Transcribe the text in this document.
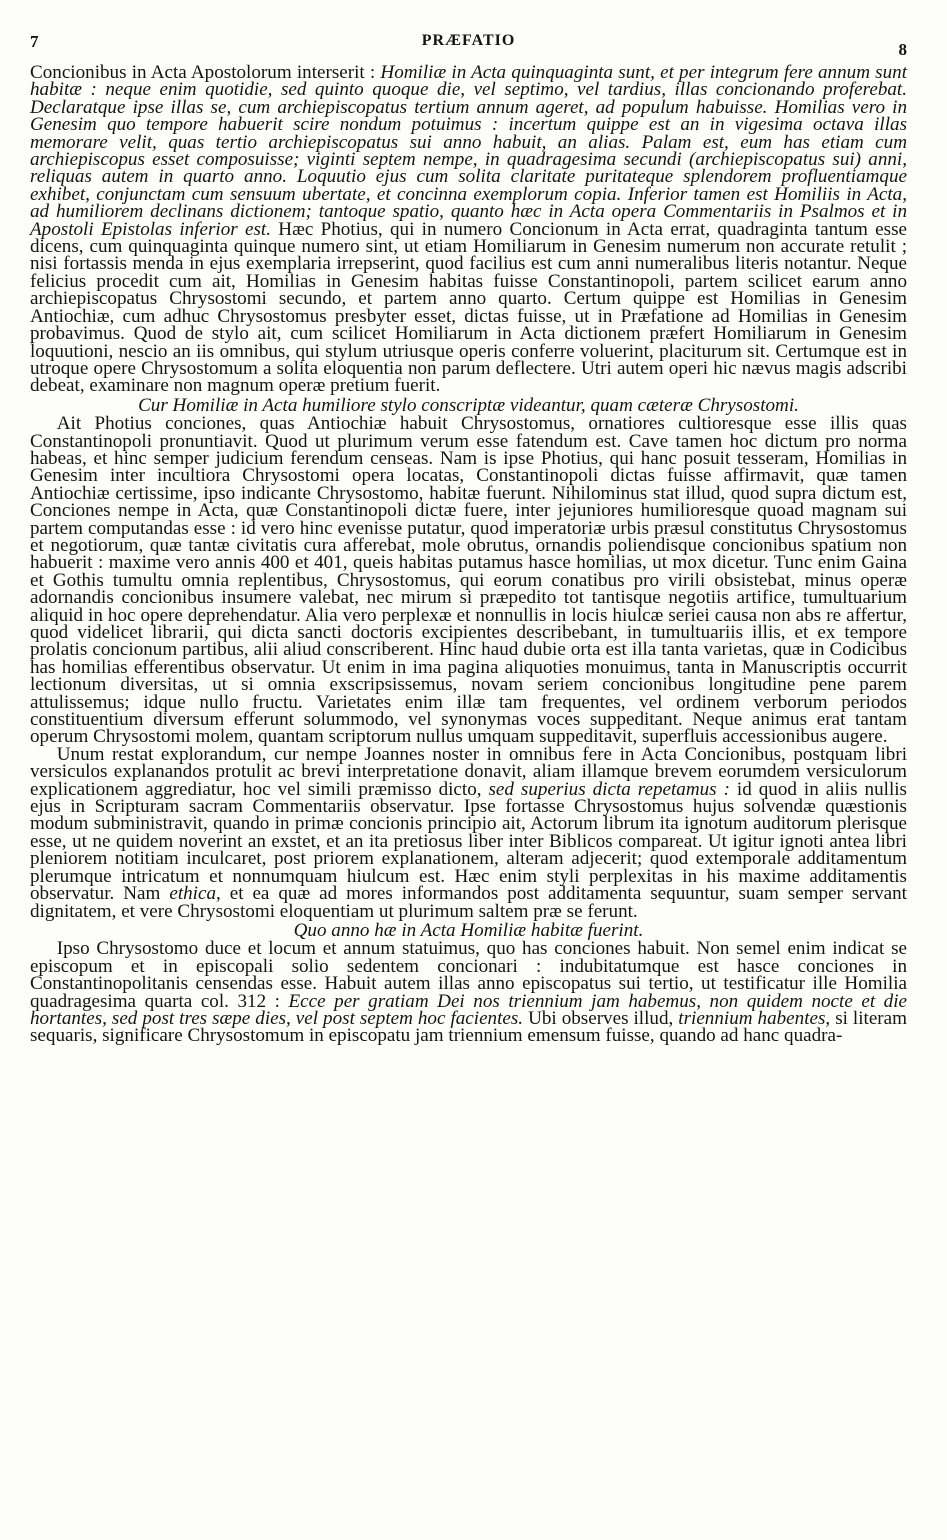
7	PRÆFATIO	8

Concionibus in Acta Apostolorum interserit : Homiliæ in Acta quinquaginta sunt, et per integrum fere annum sunt habitæ : neque enim quotidie, sed quinto quoque die, vel septimo, vel tardius, illas concionando proferebat. Declaratque ipse illas se, cum archiepiscopatus tertium annum ageret, ad populum habuisse. Homilias vero in Genesim quo tempore habuerit scire nondum potuimus : incertum quippe est an in vigesima octava illas memorare velit, quas tertio archiepiscopatus sui anno habuit, an alias. Palam est, eum has etiam cum archiepiscopus esset composuisse; viginti septem nempe, in quadragesima secundi (archiepiscopatus sui) anni, reliquas autem in quarto anno. Loquutio ejus cum solita claritate puritateque splendorem profluentiamque exhibet, conjunctam cum sensuum ubertate, et concinna exemplorum copia. Inferior tamen est Homiliis in Acta, ad humiliorem declinans dictionem; tantoque spatio, quanto hæc in Acta opera Commentariis in Psalmos et in Apostoli Epistolas inferior est. Hæc Photius, qui in numero Concionum in Acta errat, quadraginta tantum esse dicens, cum quinquaginta quinque numero sint, ut etiam Homiliarum in Genesim numerum non accurate retulit ; nisi fortassis menda in ejus exemplaria irrepserint, quod facilius est cum anni numeralibus literis notantur. Neque felicius procedit cum ait, Homilias in Genesim habitas fuisse Constantinopoli, partem scilicet earum anno archiepiscopatus Chrysostomi secundo, et partem anno quarto. Certum quippe est Homilias in Genesim Antiochiæ, cum adhuc Chrysostomus presbyter esset, dictas fuisse, ut in Præfatione ad Homilias in Genesim probavimus. Quod de stylo ait, cum scilicet Homiliarum in Acta dictionem præfert Homiliarum in Genesim loquutioni, nescio an iis omnibus, qui stylum utriusque operis conferre voluerint, placiturum sit. Certumque est in utroque opere Chrysostomum a solita eloquentia non parum deflectere. Utri autem operi hic nævus magis adscribi debeat, examinare non magnum operæ pretium fuerit.

Cur Homiliæ in Acta humiliore stylo conscriptæ videantur, quam cæteræ Chrysostomi.

Ait Photius conciones, quas Antiochiæ habuit Chrysostomus, ornatiores cultioresque esse illis quas Constantinopoli pronuntiavit. Quod ut plurimum verum esse fatendum est. Cave tamen hoc dictum pro norma habeas, et hinc semper judicium ferendum censeas. Nam is ipse Photius, qui hanc posuit tesseram, Homilias in Genesim inter incultiora Chrysostomi opera locatas, Constantinopoli dictas fuisse affirmavit, quæ tamen Antiochiæ certissime, ipso indicante Chrysostomo, habitæ fuerunt. Nihilominus stat illud, quod supra dictum est, Conciones nempe in Acta, quæ Constantinopoli dictæ fuere, inter jejuniores humilioresque quoad magnam sui partem computandas esse : id vero hinc evenisse putatur, quod imperatoriæ urbis præsul constitutus Chrysostomus et negotiorum, quæ tantæ civitatis cura afferebat, mole obrutus, ornandis poliendisque concionibus spatium non habuerit : maxime vero annis 400 et 401, queis habitas putamus hasce homilias, ut mox dicetur. Tunc enim Gaina et Gothis tumultu omnia replentibus, Chrysostomus, qui eorum conatibus pro virili obsistebat, minus operæ adornandis concionibus insumere valebat, nec mirum si præpedito tot tantisque negotiis artifice, tumultuarium aliquid in hoc opere deprehendatur. Alia vero perplexæ et nonnullis in locis hiulcæ seriei causa non abs re affertur, quod videlicet librarii, qui dicta sancti doctoris excipientes describebant, in tumultuariis illis, et ex tempore prolatis concionum partibus, alii aliud conscriberent. Hinc haud dubie orta est illa tanta varietas, quæ in Codicibus has homilias efferentibus observatur. Ut enim in ima pagina aliquoties monuimus, tanta in Manuscriptis occurrit lectionum diversitas, ut si omnia exscripsissemus, novam seriem concionibus longitudine pene parem attulissemus; idque nullo fructu. Varietates enim illæ tam frequentes, vel ordinem verborum periodos constituentium diversum efferunt solummodo, vel synonymas voces suppeditant. Neque animus erat tantam operum Chrysostomi molem, quantam scriptorum nullus umquam suppeditavit, superfluis accessionibus augere.

Unum restat explorandum, cur nempe Joannes noster in omnibus fere in Acta Concionibus, postquam libri versiculos explanandos protulit ac brevi interpretatione donavit, aliam illamque brevem eorumdem versiculorum explicationem aggrediatur, hoc vel simili præmisso dicto, sed superius dicta repetamus : id quod in aliis nullis ejus in Scripturam sacram Commentariis observatur. Ipse fortasse Chrysostomus hujus solvendæ quæstionis modum subministravit, quando in primæ concionis principio ait, Actorum librum ita ignotum auditorum plerisque esse, ut ne quidem noverint an exstet, et an ita pretiosus liber inter Biblicos compareat. Ut igitur ignoti antea libri pleniorem notitiam inculcaret, post priorem explanationem, alteram adjecerit; quod extemporale additamentum plerumque intricatum et nonnumquam hiulcum est. Hæc enim styli perplexitas in his maxime additamentis observatur. Nam ethica, et ea quæ ad mores informandos post additamenta sequuntur, suam semper servant dignitatem, et vere Chrysostomi eloquentiam ut plurimum saltem præ se ferunt.

Quo anno hæ in Acta Homiliæ habitæ fuerint.

Ipso Chrysostomo duce et locum et annum statuimus, quo has conciones habuit. Non semel enim indicat se episcopum et in episcopali solio sedentem concionari : indubitatumque est hasce conciones in Constantinopolitanis censendas esse. Habuit autem illas anno episcopatus sui tertio, ut testificatur ille Homilia quadragesima quarta col. 312 : Ecce per gratiam Dei nos triennium jam habemus, non quidem nocte et die hortantes, sed post tres sæpe dies, vel post septem hoc facientes. Ubi observes illud, triennium habentes, si literam sequaris, significare Chrysostomum in episcopatu jam triennium emensum fuisse, quando ad hanc quadra-
